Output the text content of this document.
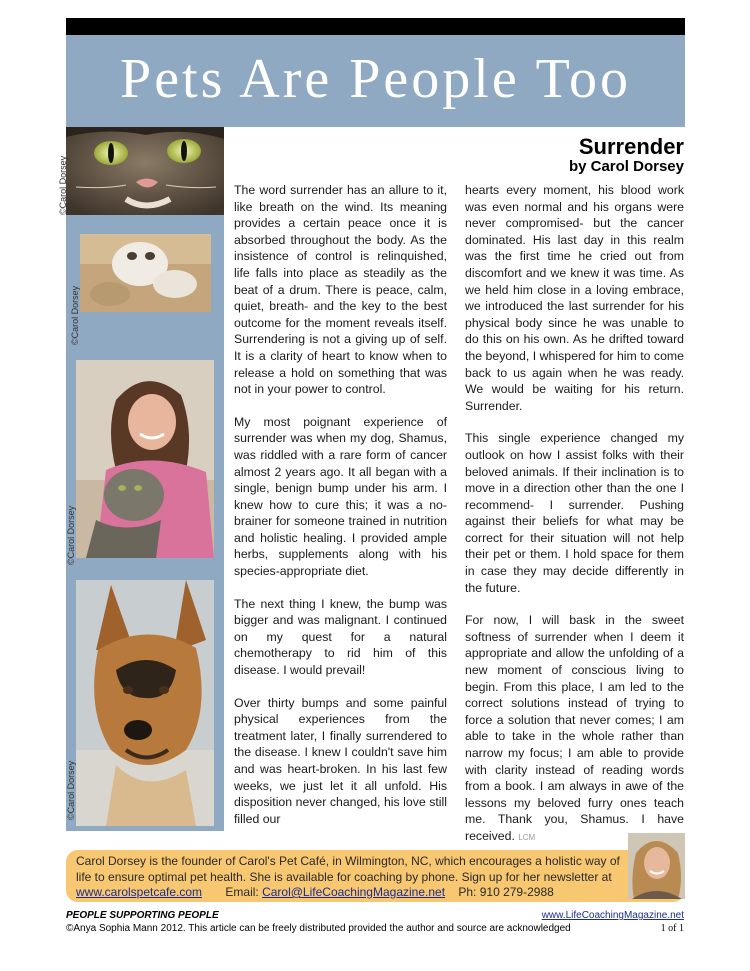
Pets Are People Too
©Carol Dorsey
©Carol Dorsey
©Carol Dorsey
©Carol Dorsey
Surrender
by Carol Dorsey

The word surrender has an allure to it, like breath on the wind. Its meaning provides a certain peace once it is absorbed throughout the body. As the insistence of control is relinquished, life falls into place as steadily as the beat of a drum. There is peace, calm, quiet, breath- and the key to the best outcome for the moment reveals itself. Surrendering is not a giving up of self. It is a clarity of heart to know when to release a hold on something that was not in your power to control.

My most poignant experience of surrender was when my dog, Shamus, was riddled with a rare form of cancer almost 2 years ago. It all began with a single, benign bump under his arm. I knew how to cure this; it was a no-brainer for someone trained in nutrition and holistic healing. I provided ample herbs, supplements along with his species-appropriate diet.

The next thing I knew, the bump was bigger and was malignant. I continued on my quest for a natural chemotherapy to rid him of this disease. I would prevail!

Over thirty bumps and some painful physical experiences from the treatment later, I finally surrendered to the disease. I knew I couldn't save him and was heart-broken. In his last few weeks, we just let it all unfold. His disposition never changed, his love still filled our

hearts every moment, his blood work was even normal and his organs were never compromised- but the cancer dominated. His last day in this realm was the first time he cried out from discomfort and we knew it was time. As we held him close in a loving embrace, we introduced the last surrender for his physical body since he was unable to do this on his own. As he drifted toward the beyond, I whispered for him to come back to us again when he was ready. We would be waiting for his return. Surrender.

This single experience changed my outlook on how I assist folks with their beloved animals. If their inclination is to move in a direction other than the one I recommend- I surrender. Pushing against their beliefs for what may be correct for their situation will not help their pet or them. I hold space for them in case they may decide differently in the future.

For now, I will bask in the sweet softness of surrender when I deem it appropriate and allow the unfolding of a new moment of conscious living to begin. From this place, I am led to the correct solutions instead of trying to force a solution that never comes; I am able to take in the whole rather than narrow my focus; I am able to provide with clarity instead of reading words from a book. I am always in awe of the lessons my beloved furry ones teach me. Thank you, Shamus. I have received. LCM

Carol Dorsey is the founder of Carol's Pet Café, in Wilmington, NC, which encourages a holistic way of
life to ensure optimal pet health. She is available for coaching by phone. Sign up for her newsletter at
www.carolspetcafe.com Email: Carol@LifeCoachingMagazine.net Ph: 910 279-2988
PEOPLE SUPPORTING PEOPLE	www.LifeCoachingMagazine.net
©Anya Sophia Mann 2012. This article can be freely distributed provided the author and source are acknowledged	1 of 1
